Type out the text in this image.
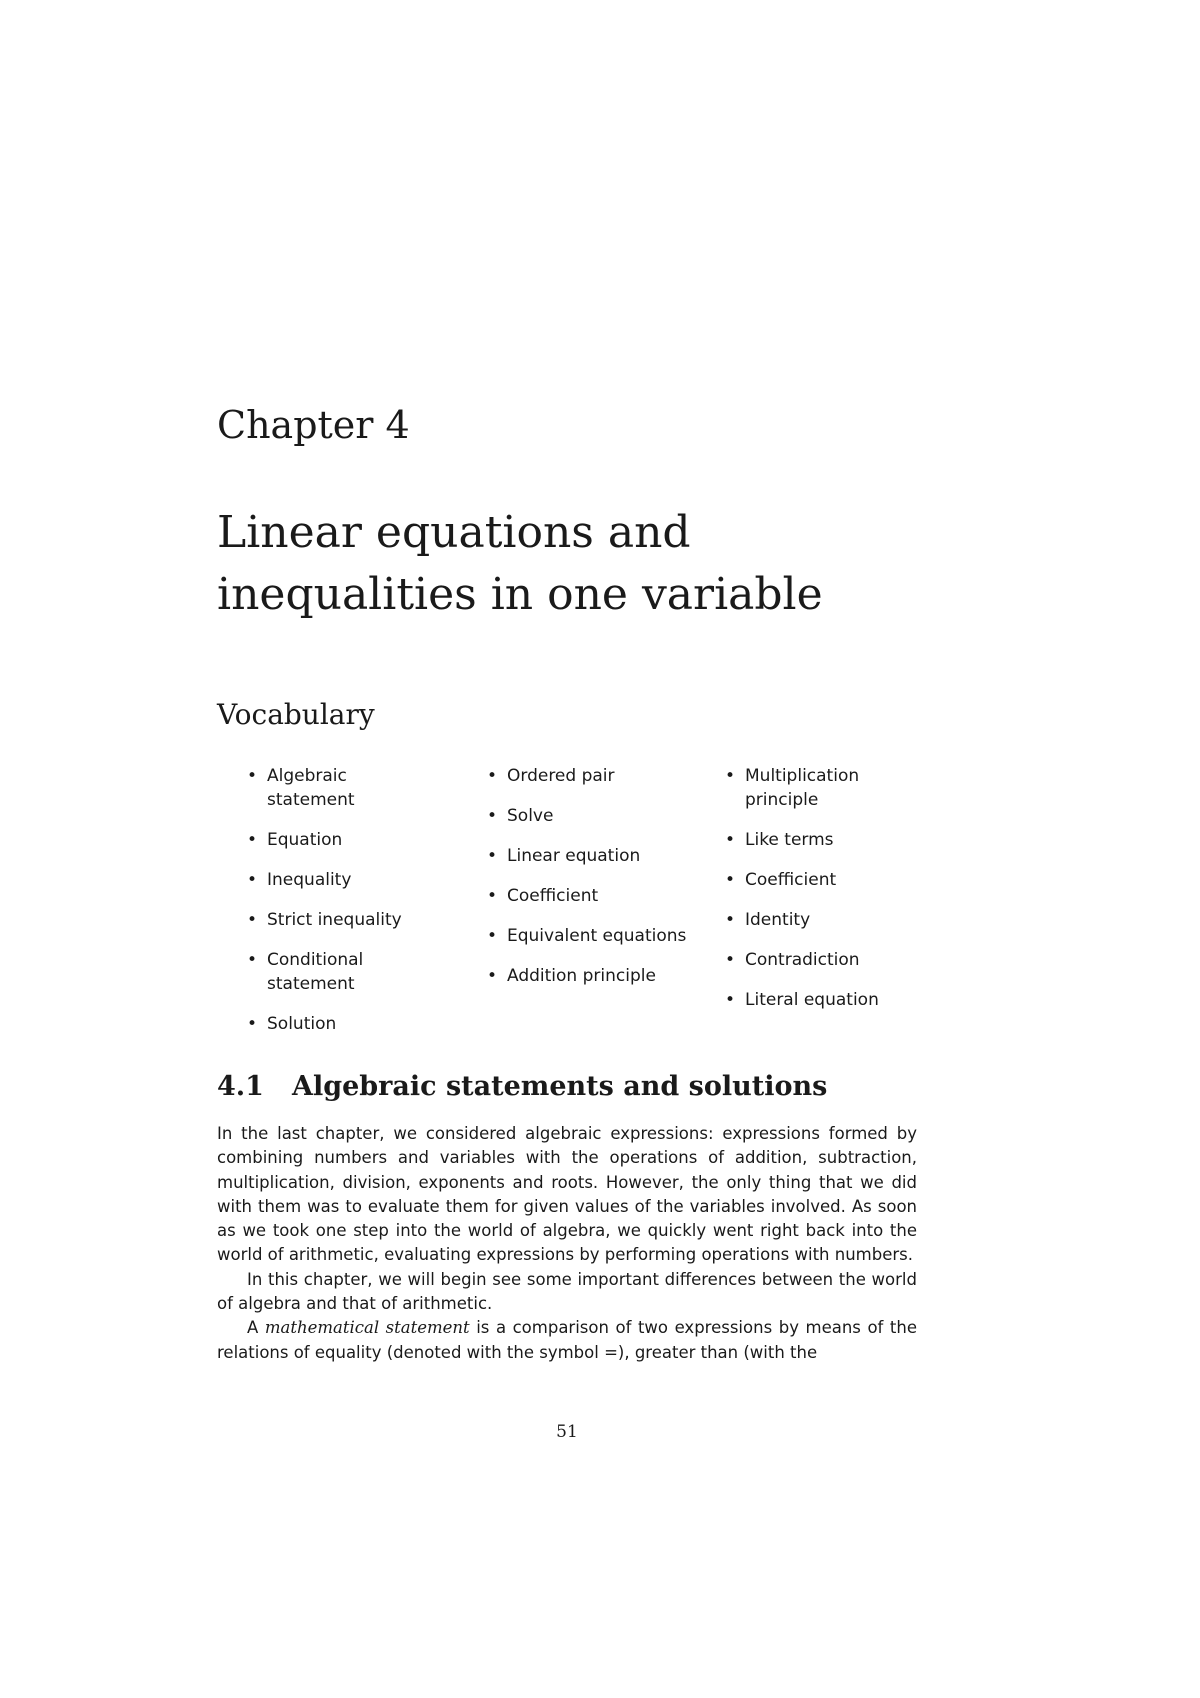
Chapter 4
Linear equations and inequalities in one variable
Vocabulary
• Algebraic statement
• Equation
• Inequality
• Strict inequality
• Conditional statement
• Solution
• Ordered pair
• Solve
• Linear equation
• Coefficient
• Equivalent equations
• Addition principle
• Multiplication principle
• Like terms
• Coefficient
• Identity
• Contradiction
• Literal equation
4.1 Algebraic statements and solutions

In the last chapter, we considered algebraic expressions: expressions formed by combining numbers and variables with the operations of addition, subtraction, multiplication, division, exponents and roots. However, the only thing that we did with them was to evaluate them for given values of the variables involved. As soon as we took one step into the world of algebra, we quickly went right back into the world of arithmetic, evaluating expressions by performing operations with numbers.

In this chapter, we will begin see some important differences between the world of algebra and that of arithmetic.

A mathematical statement is a comparison of two expressions by means of the relations of equality (denoted with the symbol =), greater than (with the

51
